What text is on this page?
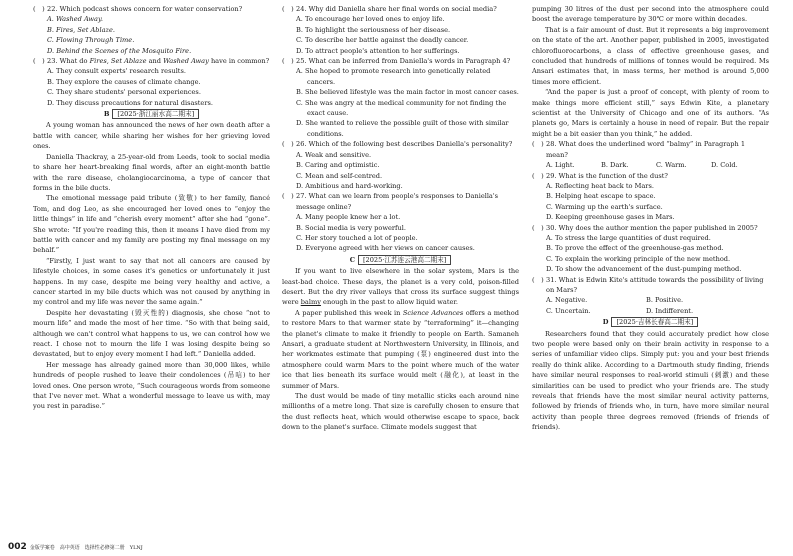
(　) 22. Which podcast shows concern for water conservation?
A. Washed Away.
B. Fires, Set Ablaze.
C. Flowing Through Time.
D. Behind the Scenes of the Mosquito Fire.
(　) 23. What do Fires, Set Ablaze and Washed Away have in common?
A. They consult experts' research results.
B. They explore the causes of climate change.
C. They share students' personal experiences.
D. They discuss precautions for natural disasters.
B [2025·浙江丽水高二期末]
A young woman has announced the news of her own death after a battle with cancer, while sharing her wishes for her grieving loved ones.
Daniella Thackray, a 25-year-old from Leeds, took to social media to share her heart-breaking final words, after an eight-month battle with the rare disease, cholangiocarcinoma, a type of cancer that forms in the bile ducts.
The emotional message paid tribute (致敬) to her family, fiancé Tom, and dog Leo, as she encouraged her loved ones to “enjoy the little things” in life and “cherish every moment” after she had “gone”. She wrote: “If you're reading this, then it means I have died from my battle with cancer and my family are posting my final message on my behalf.”
“Firstly, I just want to say that not all cancers are caused by lifestyle choices, in some cases it's genetics or unfortunately it just happens. In my case, despite me being very healthy and active, a cancer started in my bile ducts which was not caused by anything in my control and my life was never the same again.”
Despite her devastating (毁灭性的) diagnosis, she chose “not to mourn life” and made the most of her time. “So with that being said, although we can't control what happens to us, we can control how we react. I chose not to mourn the life I was losing despite being so devastated, but to enjoy every moment I had left.” Daniella added.
Her message has already gained more than 30,000 likes, while hundreds of people rushed to leave their condolences (吊唁) to her loved ones. One person wrote, “Such courageous words from someone that I've never met. What a wonderful message to leave us with, may you rest in paradise.”
(　) 24. Why did Daniella share her final words on social media?
A. To encourage her loved ones to enjoy life.
B. To highlight the seriousness of her disease.
C. To describe her battle against the deadly cancer.
D. To attract people's attention to her sufferings.
(　) 25. What can be inferred from Daniella's words in Paragraph 4?
A. She hoped to promote research into genetically related cancers.
B. She believed lifestyle was the main factor in most cancer cases.
C. She was angry at the medical community for not finding the exact cause.
D. She wanted to relieve the possible guilt of those with similar conditions.
(　) 26. Which of the following best describes Daniella's personality?
A. Weak and sensitive.
B. Caring and optimistic.
C. Mean and self-centred.
D. Ambitious and hard-working.
(　) 27. What can we learn from people's responses to Daniella's message online?
A. Many people knew her a lot.
B. Social media is very powerful.
C. Her story touched a lot of people.
D. Everyone agreed with her views on cancer causes.
C [2025·江苏连云港高二期末]
If you want to live elsewhere in the solar system, Mars is the least-bad choice. These days, the planet is a very cold, poison-filled desert. But the dry river valleys that cross its surface suggest things were balmy enough in the past to allow liquid water.
A paper published this week in Science Advances offers a method to restore Mars to that warmer state by “terraforming” it—changing the planet's climate to make it friendly to people on Earth. Samaneh Ansari, a graduate student at Northwestern University, in Illinois, and her workmates estimate that pumping (泵) engineered dust into the atmosphere could warm Mars to the point where much of the water ice that lies beneath its surface would melt (融化), at least in the summer of Mars.
The dust would be made of tiny metallic sticks each around nine millionths of a metre long. That size is carefully chosen to ensure that the dust reflects heat, which would otherwise escape to space, back down to the planet's surface. Climate models suggest that
pumping 30 litres of the dust per second into the atmosphere could boost the average temperature by 30℃ or more within decades.
That is a fair amount of dust. But it represents a big improvement on the state of the art. Another paper, published in 2005, investigated chlorofluorocarbons, a class of effective greenhouse gases, and concluded that hundreds of millions of tonnes would be required. Ms Ansari estimates that, in mass terms, her method is around 5,000 times more efficient.
“And the paper is just a proof of concept, with plenty of room to make things more efficient still,” says Edwin Kite, a planetary scientist at the University of Chicago and one of its authors. “As planets go, Mars is certainly a house in need of repair. But the repair might be a bit easier than you think,” he added.
(　) 28. What does the underlined word “balmy” in Paragraph 1 mean?
A. Light.	B. Dark.	C. Warm.	D. Cold.
(　) 29. What is the function of the dust?
A. Reflecting heat back to Mars.
B. Helping heat escape to space.
C. Warming up the earth's surface.
D. Keeping greenhouse gases in Mars.
(　) 30. Why does the author mention the paper published in 2005?
A. To stress the large quantities of dust required.
B. To prove the effect of the greenhouse-gas method.
C. To explain the working principle of the new method.
D. To show the advancement of the dust-pumping method.
(　) 31. What is Edwin Kite's attitude towards the possibility of living on Mars?
A. Negative.	B. Positive.
C. Uncertain.	D. Indifferent.
D [2025·吉林长春高二期末]
Researchers found that they could accurately predict how close two people were based only on their brain activity in response to a series of unfamiliar video clips. Simply put: you and your best friends really do think alike. According to a Dartmouth study finding, friends have similar neural responses to real-world stimuli (刺激) and these similarities can be used to predict who your friends are. The study reveals that friends have the most similar neural activity patterns, followed by friends of friends who, in turn, have more similar neural activity than people three degrees removed (friends of friends of friends).
002 金版学案卷　高中英语　选择性必修第二册　YLNJ
